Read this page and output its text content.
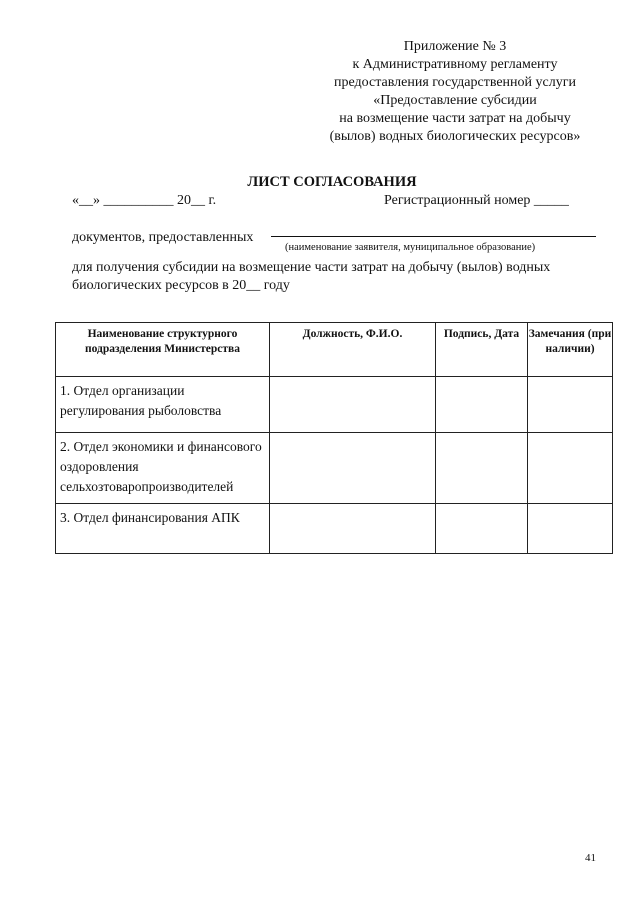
Приложение № 3
к Административному регламенту
предоставления государственной услуги
«Предоставление субсидии
на возмещение части затрат на добычу
(вылов) водных биологических ресурсов»
ЛИСТ СОГЛАСОВАНИЯ
«__» __________ 20__ г.	Регистрационный номер _____
документов, предоставленных
(наименование заявителя, муниципальное образование)
для получения субсидии на возмещение части затрат на добычу (вылов) водных биологических ресурсов в 20__ году
Наименование структурного подразделения Министерства	Должность, Ф.И.О.	Подпись, Дата	Замечания (при наличии)
1. Отдел организации регулирования рыболовства			
2. Отдел экономики и финансового оздоровления сельхозтоваропроизводителей			
3. Отдел финансирования АПК			
41
